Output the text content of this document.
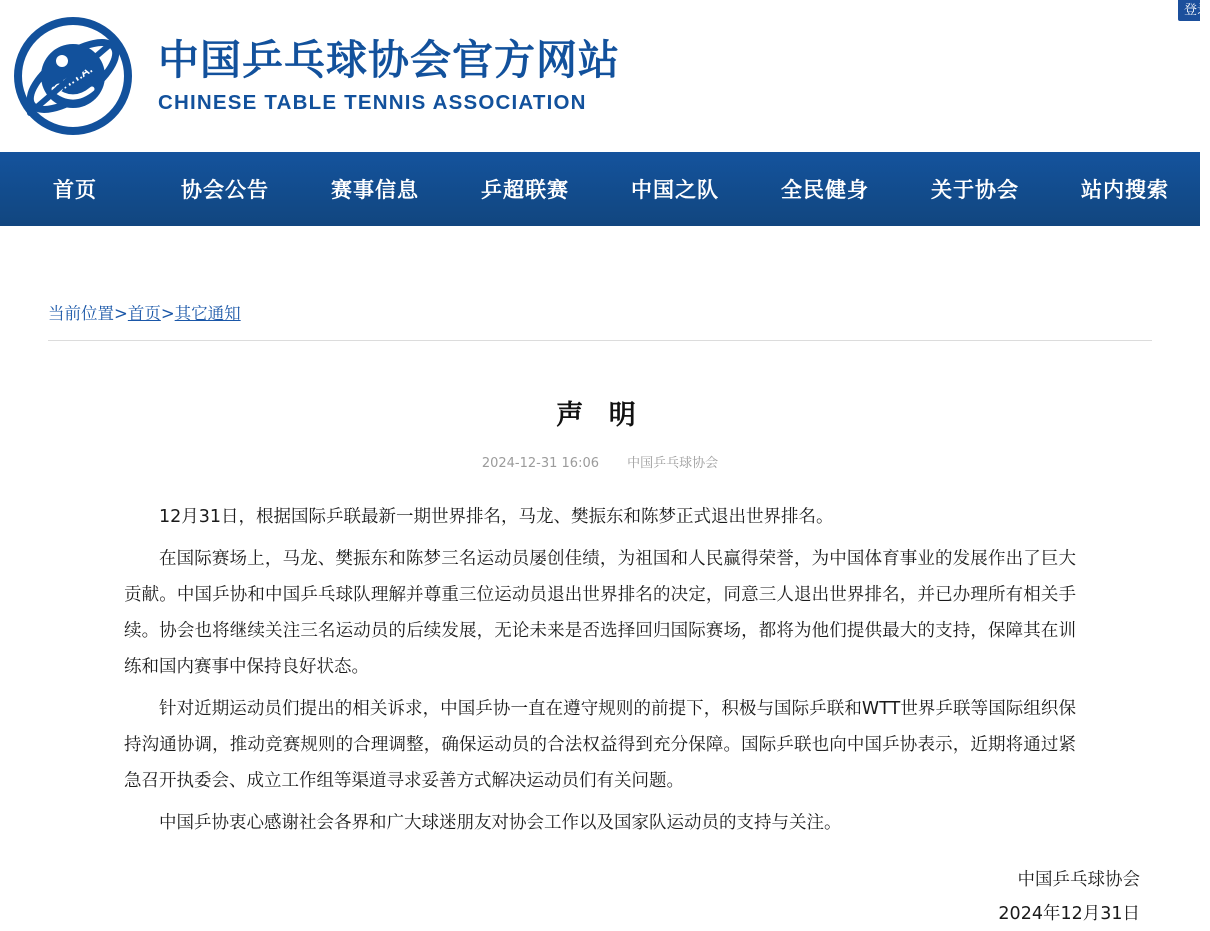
登录
中国乒乓球协会官方网站
CHINESE TABLE TENNIS ASSOCIATION
首页	协会公告	赛事信息	乒超联赛	中国之队	全民健身	关于协会	站内搜索
当前位置>首页>其它通知
声 明
2024-12-31 16:06 中国乒乓球协会

12月31日，根据国际乒联最新一期世界排名，马龙、樊振东和陈梦正式退出世界排名。

在国际赛场上，马龙、樊振东和陈梦三名运动员屡创佳绩，为祖国和人民赢得荣誉，为中国体育事业的发展作出了巨大贡献。中国乒协和中国乒乓球队理解并尊重三位运动员退出世界排名的决定，同意三人退出世界排名，并已办理所有相关手续。协会也将继续关注三名运动员的后续发展，无论未来是否选择回归国际赛场，都将为他们提供最大的支持，保障其在训练和国内赛事中保持良好状态。

针对近期运动员们提出的相关诉求，中国乒协一直在遵守规则的前提下，积极与国际乒联和WTT世界乒联等国际组织保持沟通协调，推动竞赛规则的合理调整，确保运动员的合法权益得到充分保障。国际乒联也向中国乒协表示，近期将通过紧急召开执委会、成立工作组等渠道寻求妥善方式解决运动员们有关问题。

中国乒协衷心感谢社会各界和广大球迷朋友对协会工作以及国家队运动员的支持与关注。

中国乒乓球协会
2024年12月31日
